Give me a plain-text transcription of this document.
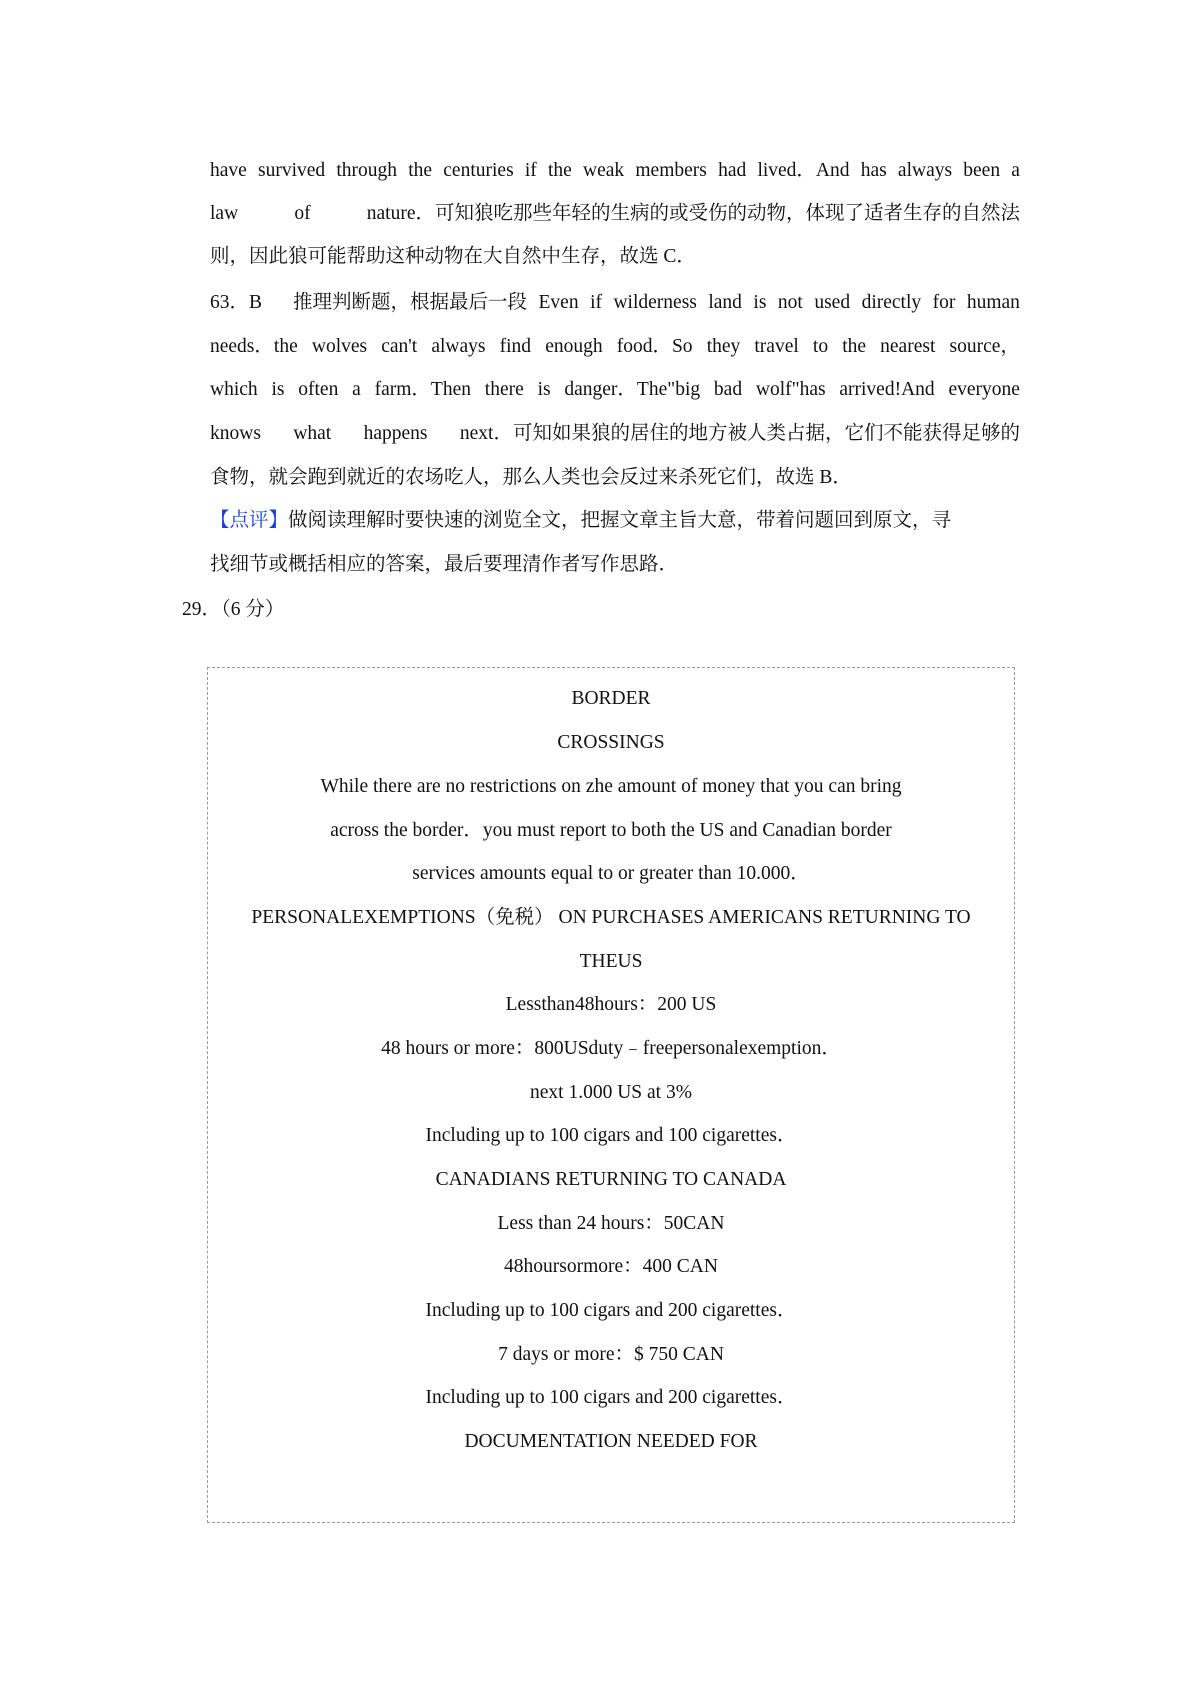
have survived through the centuries if the weak members had lived．And has always been a
law	of	nature．可知狼吃那些年轻的生病的或受伤的动物，体现了适者生存的自然法
则，因此狼可能帮助这种动物在大自然中生存，故选 C．
63．B　 推理判断题，根据最后一段 Even if wilderness land is not used directly for human
needs．the wolves can't always find enough food．So they travel to the nearest source，
which is often a farm．Then there is danger．The"big bad wolf"has arrived!And everyone
knows what happens next．可知如果狼的居住的地方被人类占据，它们不能获得足够的
食物，就会跑到就近的农场吃人，那么人类也会反过来杀死它们，故选 B．
【点评】做阅读理解时要快速的浏览全文，把握文章主旨大意，带着问题回到原文，寻
找细节或概括相应的答案，最后要理清作者写作思路．
29．（6 分）
BORDER
CROSSINGS
While there are no restrictions on zhe amount of money that you can bring
across the border．you must report to both the US and Canadian border
services amounts equal to or greater than 10.000．
PERSONALEXEMPTIONS（免税） ON PURCHASES AMERICANS RETURNING TO
THEUS
Lessthan48hours：200 US
48 hours or more：800USduty﹣freepersonalexemption．
next 1.000 US at 3%
Including up to 100 cigars and 100 cigarettes．
CANADIANS RETURNING TO CANADA
Less than 24 hours：50CAN
48hoursormore：400 CAN
Including up to 100 cigars and 200 cigarettes．
7 days or more：$ 750 CAN
Including up to 100 cigars and 200 cigarettes．
DOCUMENTATION NEEDED FOR
